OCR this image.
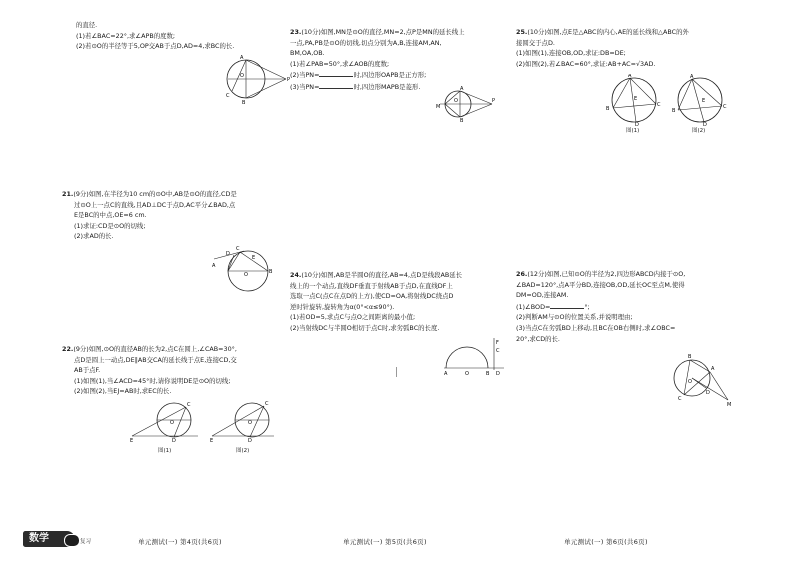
的直径.

(1)若∠BAC=22°,求∠APB的度数;

(2)若⊙O的半径等于5,OP交AB于点D,AD=4,求BC的长.

A
B
C
O
P

21.(9分)如图,在半径为10 cm的⊙O中,AB是⊙O的直径,CD是

过⊙O上一点C的直线,且AD⊥DC于点D,AC平分∠BAD,点

E是BC的中点,OE=6 cm.

(1)求证:CD是⊙O的切线;

(2)求AD的长.

A
C
D
E
B
O

22.(9分)如图,⊙O的直径AB的长为2,点C在圆上,∠CAB=30°,

点D是圆上一动点,DE∥AB交CA的延长线于点E,连接CD,交

AB于点F.

(1)如图(1),当∠ACD=45°时,请你说明DE是⊙O的切线;

(2)如图(2),当EJ=AB时,求EC的长.

E	D
C
O
图(1)
E	D
C
O
图(2)

23.(10分)如图,MN是⊙O的直径,MN=2,点P是MN的延长线上

一点,PA,PB是⊙O的切线,切点分别为A,B,连接AM,AN,

BM,OA,OB.

(1)若∠PAB=50°,求∠AOB的度数;

(2)当PN=	时,四边形OAPB是正方形;

(3)当PN=	时,四边形MAPB是菱形.

M
A
B
O	P

24.(10分)如图,AB是半圆O的直径,AB=4,点D是线段AB延长

线上的一个动点,直线DF垂直于射线AB于点D,在直线DF上

选取一点C(点C在点D的上方),使CD=OA,将射线DC绕点D

逆时针旋转,旋转角为α(0°<α≤90°).

(1)若OD=5,求点C与点O之间距离的最小值;

(2)当射线DC与半圆O相切于点C时,求劣弧BC的长度.

A	O	B D
F
C

25.(10分)如图,点E是△ABC的内心,AE的延长线和△ABC的外

接圆交于点D.

(1)如图(1),连接OB,OD,求证:DB=DE;

(2)如图(2),若∠BAC=60°,求证:AB+AC=√3AD.

A
B
C
D
E
图(1)
A
B
C
D
E
图(2)

26.(12分)如图,已知⊙O的半径为2,四边形ABCD内接于⊙O,

∠BAD=120°,点A平分BD,连接OB,OD,延长OC至点M,使得

DM=OD,连接AM.

(1)∠BOD=	°;

(2)判断AM与⊙O的位置关系,并说明理由;

(3)当点C在劣弧BD上移动,且BC在OB右侧时,求∠OBC=

20°,求CD的长.

B
A
O
C
D
M
数学	复习	单元测试(一) 第4页(共6页)	单元测试(一) 第5页(共6页)	单元测试(一) 第6页(共6页)
